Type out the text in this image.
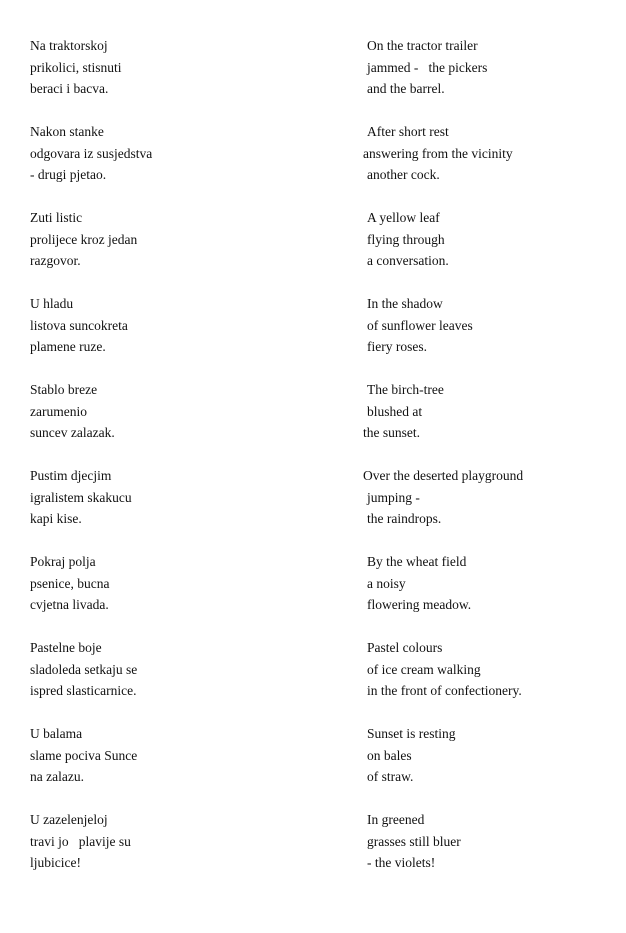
Na traktorskoj
prikolici, stisnuti
beraci i bacva.
Nakon stanke
odgovara iz susjedstva
- drugi pjetao.
Zuti listic
prolijece kroz jedan
razgovor.
U hladu
listova suncokreta
plamene ruze.
Stablo breze
zarumenio
suncev zalazak.
Pustim djecjim
igralistem skakucu
kapi kise.
Pokraj polja
psenice, bucna
cvjetna livada.
Pastelne boje
sladoleda setkaju se
ispred slasticarnice.
U balama
slame pociva Sunce
na zalazu.
U zazelenjeloj
travi jo   plavije su
ljubicice!
On the tractor trailer
jammed -   the pickers
and the barrel.
After short rest
answering from the vicinity
another cock.
A yellow leaf
flying through
a conversation.
In the shadow
of sunflower leaves
fiery roses.
The birch-tree
blushed at
the sunset.
Over the deserted playground
jumping -
the raindrops.
By the wheat field
a noisy
flowering meadow.
Pastel colours
of ice cream walking
in the front of confectionery.
Sunset is resting
on bales
of straw.
In greened
grasses still bluer
- the violets!
